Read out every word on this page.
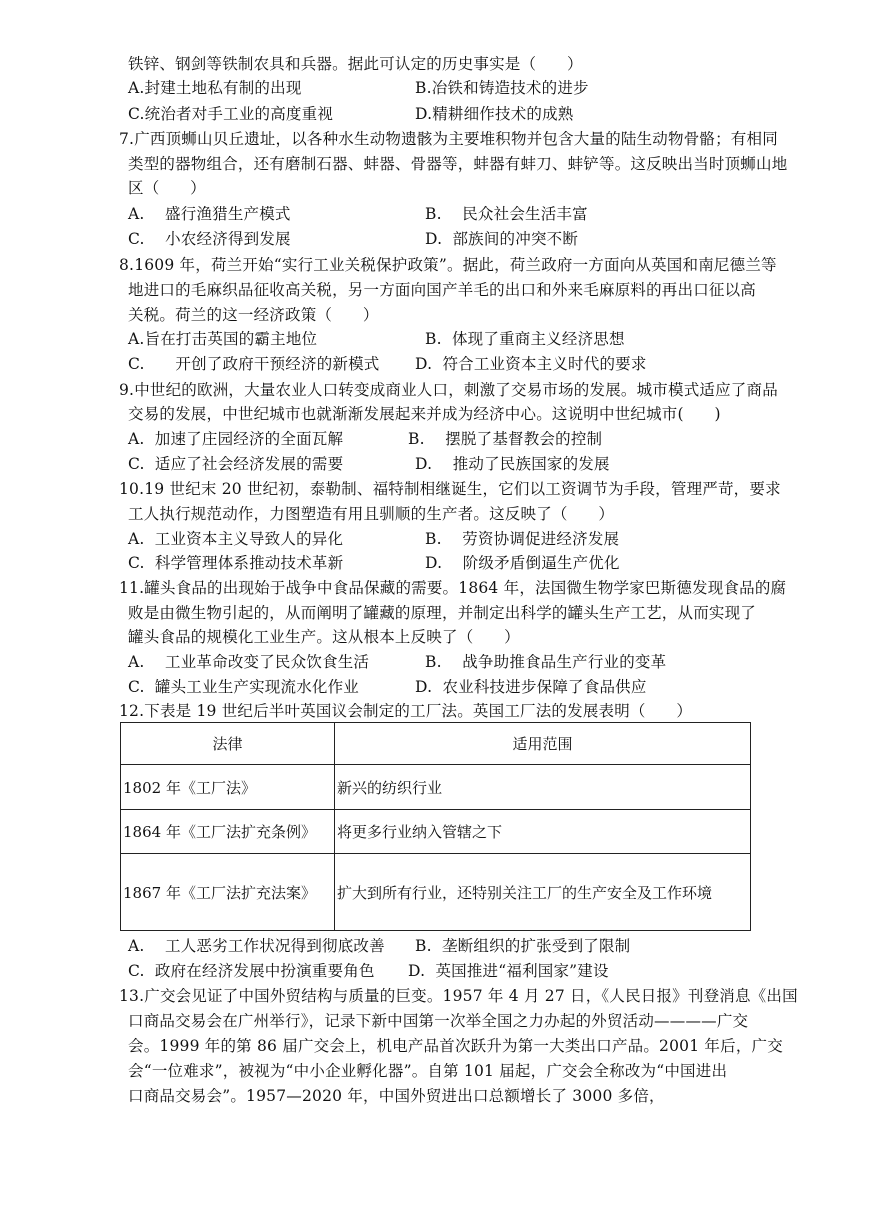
铁锌、钢剑等铁制农具和兵器。据此可认定的历史事实是（      ）
A.封建土地私有制的出现	B.冶铁和铸造技术的进步
C.统治者对手工业的高度重视	D.精耕细作技术的成熟
7.广西顶蛳山贝丘遗址，以各种水生动物遗骸为主要堆积物并包含大量的陆生动物骨骼；有相同
类型的器物组合，还有磨制石器、蚌器、骨器等，蚌器有蚌刀、蚌铲等。这反映出当时顶蛳山地
区（      ）
A.    盛行渔猎生产模式	B.    民众社会生活丰富
C.    小农经济得到发展	D.  部族间的冲突不断
8.1609 年，荷兰开始“实行工业关税保护政策”。据此，荷兰政府一方面向从英国和南尼德兰等
地进口的毛麻织品征收高关税，另一方面向国产羊毛的出口和外来毛麻原料的再出口征以高
关税。荷兰的这一经济政策（      ）
A.旨在打击英国的霸主地位	B.  体现了重商主义经济思想
C.      开创了政府干预经济的新模式 D.  符合工业资本主义时代的要求
9.中世纪的欧洲，大量农业人口转变成商业人口，刺激了交易市场的发展。城市模式适应了商品
交易的发展，中世纪城市也就渐渐发展起来并成为经济中心。这说明中世纪城市(      )
A.  加速了庄园经济的全面瓦解	B.    摆脱了基督教会的控制
C.  适应了社会经济发展的需要	D.    推动了民族国家的发展
10.19 世纪末 20 世纪初，泰勒制、福特制相继诞生，它们以工资调节为手段，管理严苛，要求
工人执行规范动作，力图塑造有用且驯顺的生产者。这反映了（      ）
A.  工业资本主义导致人的异化	B.    劳资协调促进经济发展
C.  科学管理体系推动技术革新	D.    阶级矛盾倒逼生产优化
11.罐头食品的出现始于战争中食品保藏的需要。1864 年，法国微生物学家巴斯德发现食品的腐
败是由微生物引起的，从而阐明了罐藏的原理，并制定出科学的罐头生产工艺，从而实现了
罐头食品的规模化工业生产。这从根本上反映了（      ）
A.    工业革命改变了民众饮食生活	B.    战争助推食品生产行业的变革
C.  罐头工业生产实现流水化作业	D.  农业科技进步保障了食品供应
12.下表是 19 世纪后半叶英国议会制定的工厂法。英国工厂法的发展表明（      ）
法律	适用范围
1802 年《工厂法》	新兴的纺织行业
1864 年《工厂法扩充条例》	将更多行业纳入管辖之下
1867 年《工厂法扩充法案》	扩大到所有行业，还特别关注工厂的生产安全及工作环境
A.    工人恶劣工作状况得到彻底改善 B.  垄断组织的扩张受到了限制
C.  政府在经济发展中扮演重要角色 D.  英国推进“福利国家”建设
13.广交会见证了中国外贸结构与质量的巨变。1957 年 4 月 27 日，《人民日报》刊登消息《出国
口商品交易会在广州举行》，记录下新中国第一次举全国之力办起的外贸活动————广交
会。1999 年的第 86 届广交会上，机电产品首次跃升为第一大类出口产品。2001 年后，广交
会“一位难求”，被视为“中小企业孵化器”。自第 101 届起，广交会全称改为“中国进出
口商品交易会”。1957—2020 年，中国外贸进出口总额增长了 3000 多倍，
